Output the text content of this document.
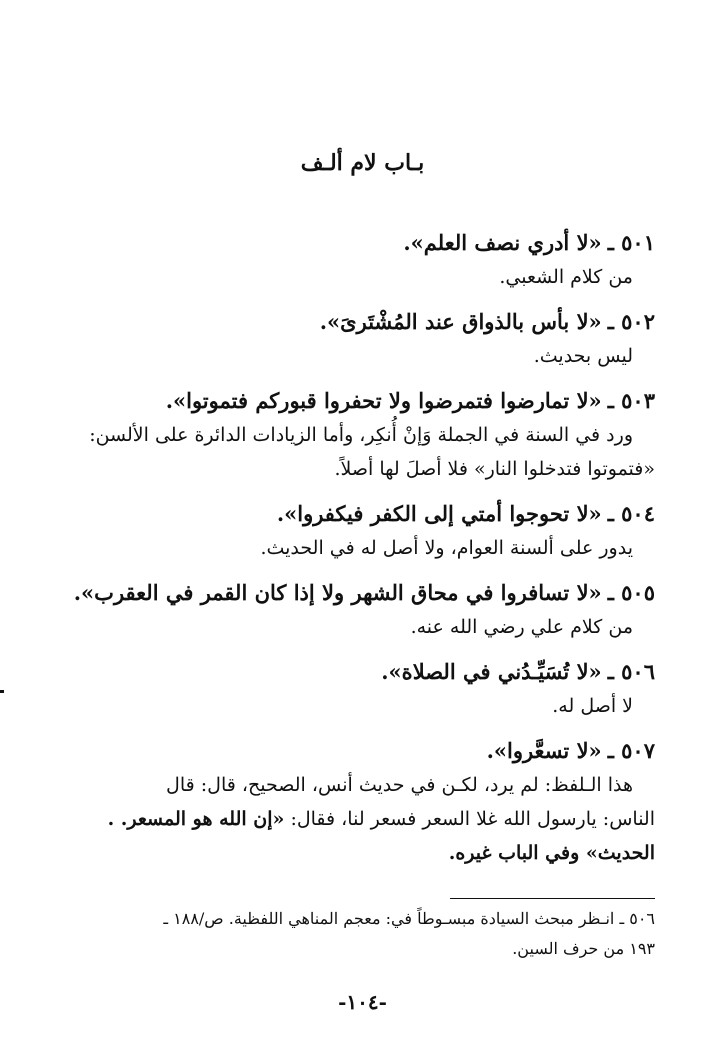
بـاب لام ألـف
٥٠١ ـ«لا أدري نصف العلم».
من كلام الشعبي.
٥٠٢ ـ«لا بأس بالذواق عند المُشْتَرىَ».
ليس بحديث.
٥٠٣ ـ«لا تمارضوا فتمرضوا ولا تحفروا قبوركم فتموتوا».
ورد في السنة في الجملة وَإنْ أُنكِر، وأما الزيادات الدائرة على الألسن:
«فتموتوا فتدخلوا النار» فلا أصلَ لها أصلاً.
٥٠٤ ـ«لا تحوجوا أمتي إلى الكفر فيكفروا».
يدور على ألسنة العوام، ولا أصل له في الحديث.
٥٠٥ ـ«لا تسافروا في محاق الشهر ولا إذا كان القمر في العقرب».
من كلام علي رضي الله عنه.
٥٠٦ ـ«لا تُسَيِّـدُني في الصلاة».
لا أصل له.
٥٠٧ ـ«لا تسعَّروا».
هذا الـلفظ: لم يرد، لكـن في حديث أنس، الصحيح، قال: قال
الناس: يارسول الله غلا السعر فسعر لنا، فقال: «إن الله هو المسعر. .
الحديث» وفي الباب غيره.
٥٠٦ ـ انـظر مبحث السيادة مبسـوطاً في: معجم المناهي اللفظية. ص/١٨٨ ـ
١٩٣ من حرف السين.
-١٠٤-
